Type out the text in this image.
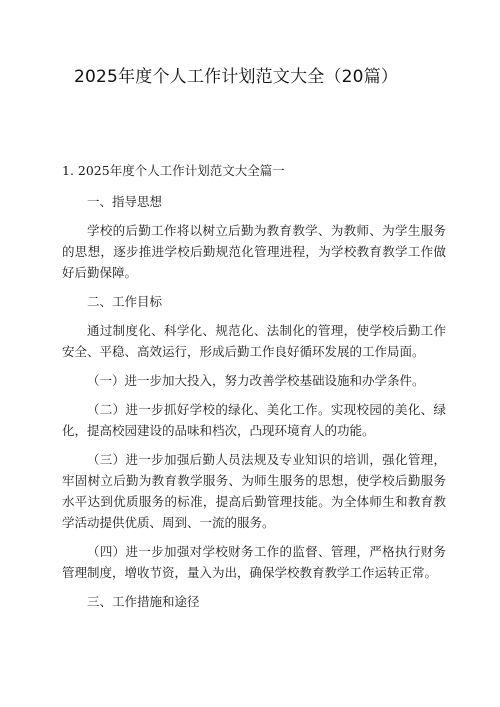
2025年度个人工作计划范文大全（20篇）
1. 2025年度个人工作计划范文大全篇一
一、指导思想
学校的后勤工作将以树立后勤为教育教学、为教师、为学生服务的思想，逐步推进学校后勤规范化管理进程，为学校教育教学工作做好后勤保障。
二、工作目标
通过制度化、科学化、规范化、法制化的管理，使学校后勤工作安全、平稳、高效运行，形成后勤工作良好循环发展的工作局面。
（一）进一步加大投入，努力改善学校基础设施和办学条件。
（二）进一步抓好学校的绿化、美化工作。实现校园的美化、绿化，提高校园建设的品味和档次，凸现环境育人的功能。
（三）进一步加强后勤人员法规及专业知识的培训，强化管理，牢固树立后勤为教育教学服务、为师生服务的思想，使学校后勤服务水平达到优质服务的标准，提高后勤管理技能。为全体师生和教育教学活动提供优质、周到、一流的服务。
（四）进一步加强对学校财务工作的监督、管理，严格执行财务管理制度，增收节资，量入为出，确保学校教育教学工作运转正常。
三、工作措施和途径
